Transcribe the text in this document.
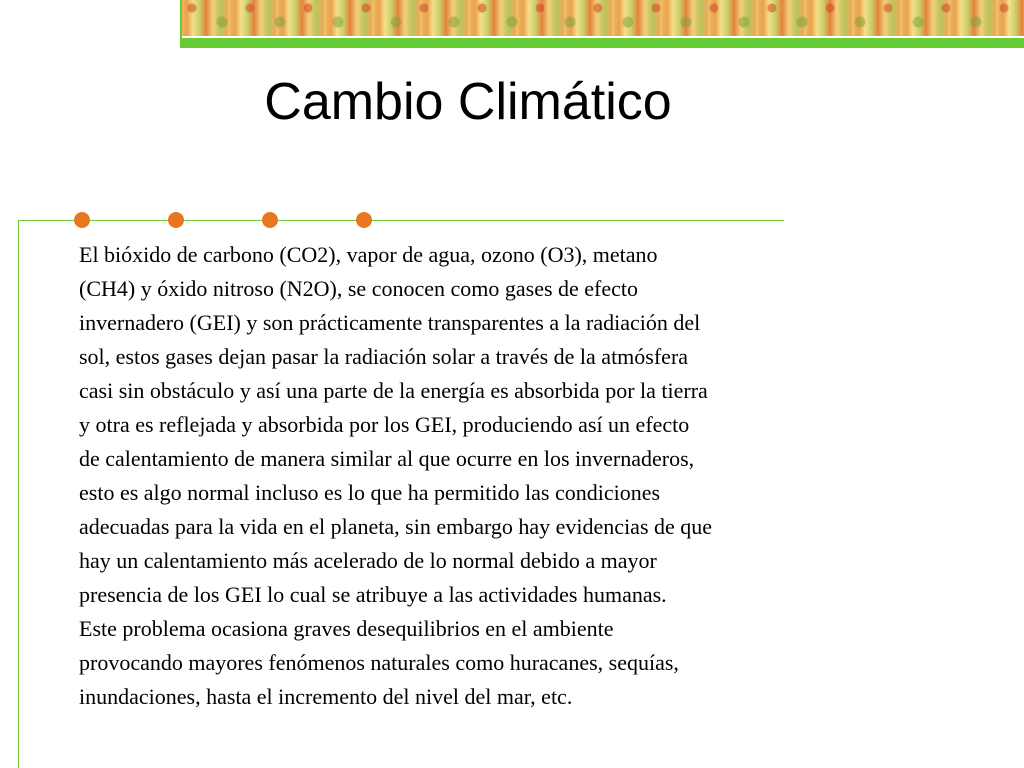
Cambio Climático
El bióxido de carbono (CO2), vapor de agua, ozono (O3), metano
(CH4) y óxido nitroso (N2O), se conocen como gases de efecto
invernadero (GEI) y son prácticamente transparentes a la radiación del
sol, estos gases dejan pasar la radiación solar a través de la atmósfera
casi sin obstáculo y así una parte de la energía es absorbida por la tierra
y otra es reflejada y absorbida por los GEI, produciendo así un efecto
de calentamiento de manera similar al que ocurre en los invernaderos,
esto es algo normal incluso es lo que ha permitido las condiciones
adecuadas para la vida en el planeta, sin embargo hay evidencias de que
hay un calentamiento más acelerado de lo normal debido a mayor
presencia de los GEI lo cual se atribuye a las actividades humanas.
Este problema ocasiona graves desequilibrios en el ambiente
provocando mayores fenómenos naturales como huracanes, sequías,
inundaciones, hasta el incremento del nivel del mar, etc.
